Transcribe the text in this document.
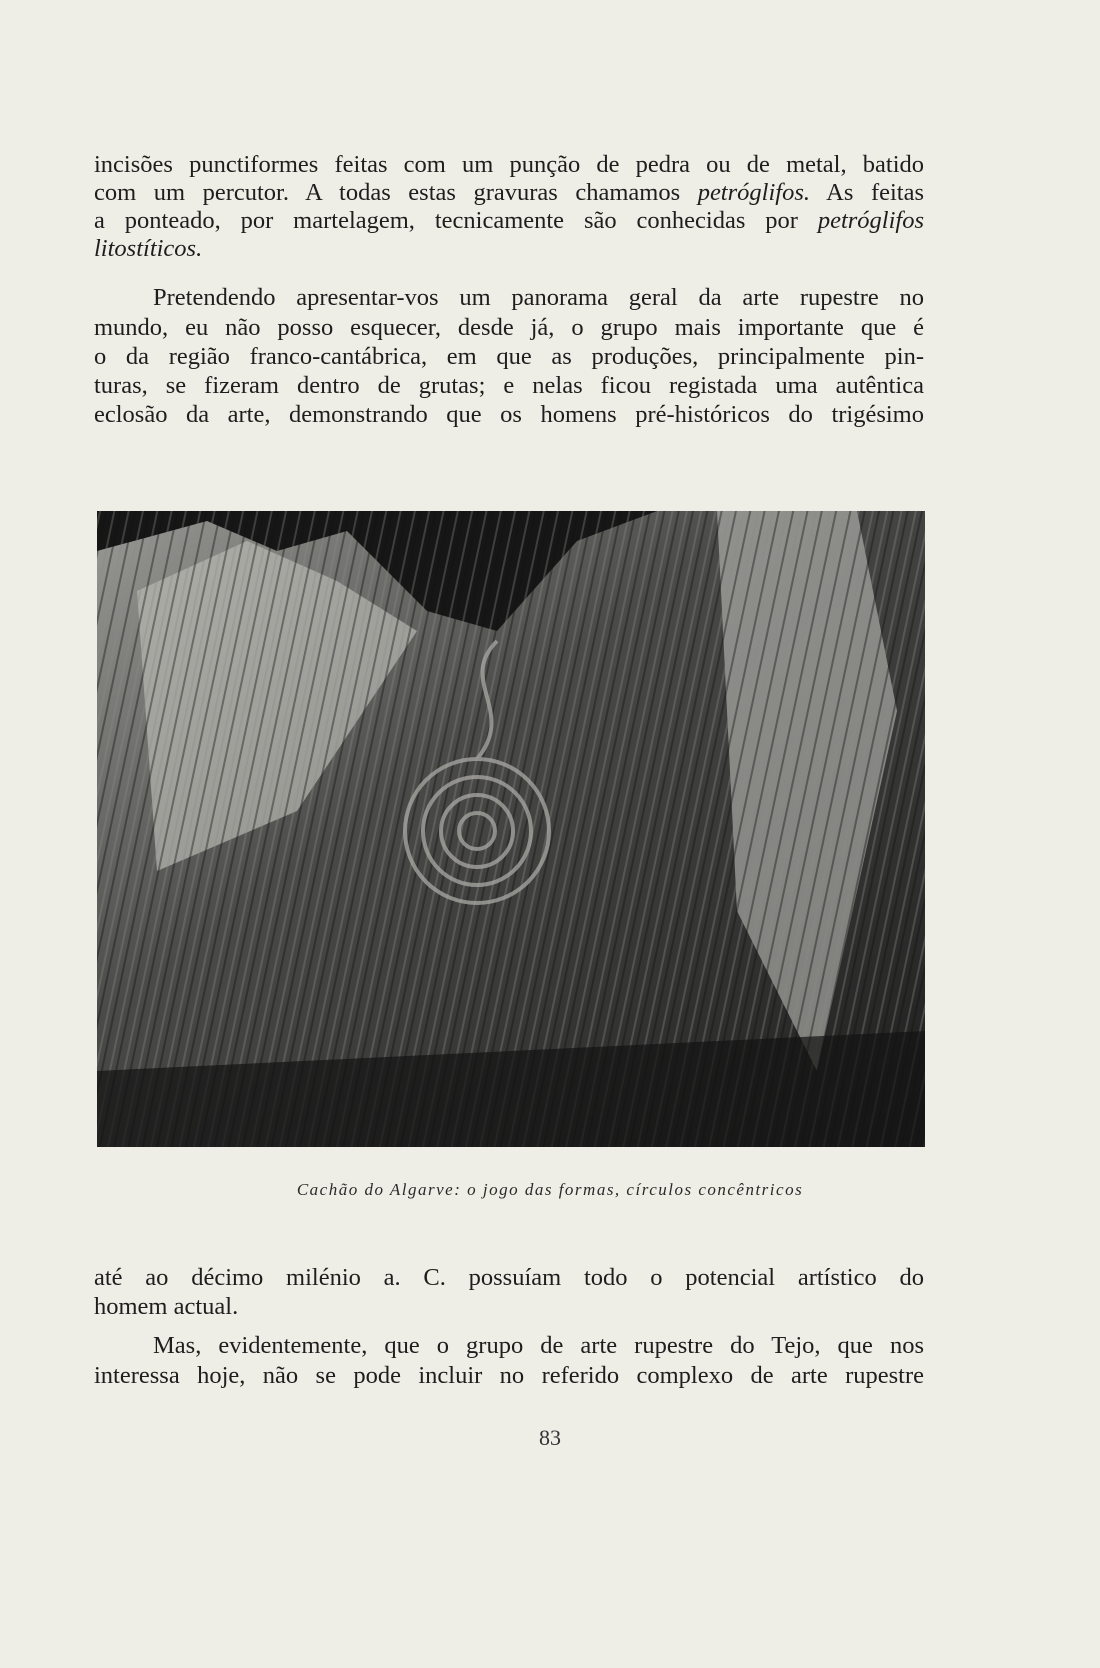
incisões punctiformes feitas com um punção de pedra ou de metal, batido
com um percutor. A todas estas gravuras chamamos petróglifos. As feitas
a ponteado, por martelagem, tecnicamente são conhecidas por petróglifos
litostíticos.
Pretendendo apresentar-vos um panorama geral da arte rupestre no
mundo, eu não posso esquecer, desde já, o grupo mais importante que é
o da região franco-cantábrica, em que as produções, principalmente pin-
turas, se fizeram dentro de grutas; e nelas ficou registada uma autêntica
eclosão da arte, demonstrando que os homens pré-históricos do trigésimo
Cachão do Algarve: o jogo das formas, círculos concêntricos
até ao décimo milénio a. C. possuíam todo o potencial artístico do
homem actual.
Mas, evidentemente, que o grupo de arte rupestre do Tejo, que nos
interessa hoje, não se pode incluir no referido complexo de arte rupestre
83
